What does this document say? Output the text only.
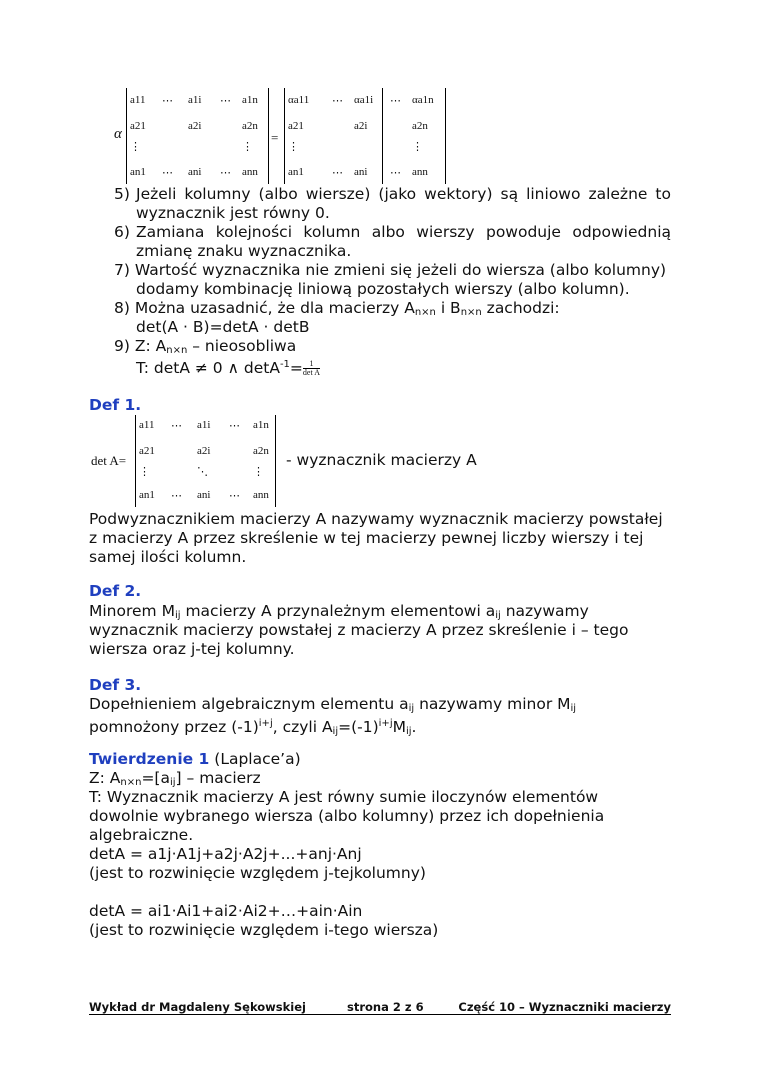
α	=
a11 ⋯ a1i ⋯ a1n
a21	a2i	a2n
⋮	⋮
an1 ⋯ ani ⋯ ann
αa11 ⋯ αa1i ⋯ αa1n
a21	a2i	a2n
⋮	⋮
an1	⋯ ani ⋯ ann
5) Jeżeli kolumny (albo wiersze) (jako wektory) są liniowo zależne to
wyznacznik jest równy 0.
6) Zamiana kolejności kolumn albo wierszy powoduje odpowiednią
zmianę znaku wyznacznika.
7) Wartość wyznacznika nie zmieni się jeżeli do wiersza (albo kolumny)
dodamy kombinację liniową pozostałych wierszy (albo kolumn).
8) Można uzasadnić, że dla macierzy An×n i Bn×n zachodzi:
det(A · B)=detA · detB
9) Z: An×n – nieosobliwa
T: detA ≠ 0 ∧ $\det A^{-1}= \frac{1}{\text{det A}}$
Def 1.
det A=
a11 ⋯ a1i ⋯ a1n
a21	a2i	a2n
⋮	⋱	⋮
an1 ⋯ ani ⋯ ann
- wyznacznik macierzy A
Podwyznacznikiem macierzy A nazywamy wyznacznik macierzy powstałej
z macierzy A przez skreślenie w tej macierzy pewnej liczby wierszy i tej
samej ilości kolumn.
Def 2.
Minorem Mij macierzy A przynależnym elementowi aij nazywamy
wyznacznik macierzy powstałej z macierzy A przez skreślenie i – tego
wiersza oraz j-tej kolumny.
Def 3.
Dopełnieniem algebraicznym elementu aij nazywamy minor Mij
pomnożony przez $(-1)^{i+j}$, czyli $Aij=(-1)^{i+j}Mij$.
Twierdzenie 1 (Laplace’a)
Z: An×n=[aij] – macierz
T: Wyznacznik macierzy A jest równy sumie iloczynów elementów
dowolnie wybranego wiersza (albo kolumny) przez ich dopełnienia
algebraiczne.
detA = a1j·A1j+a2j·A2j+...+anj·Anj
(jest to rozwinięcie względem j-tejkolumny)
detA = ai1·Ai1+ai2·Ai2+…+ain·Ain
(jest to rozwinięcie względem i-tego wiersza)
Wykład dr Magdaleny Sękowskiej	strona 2 z 6	Część 10 – Wyznaczniki macierzy
